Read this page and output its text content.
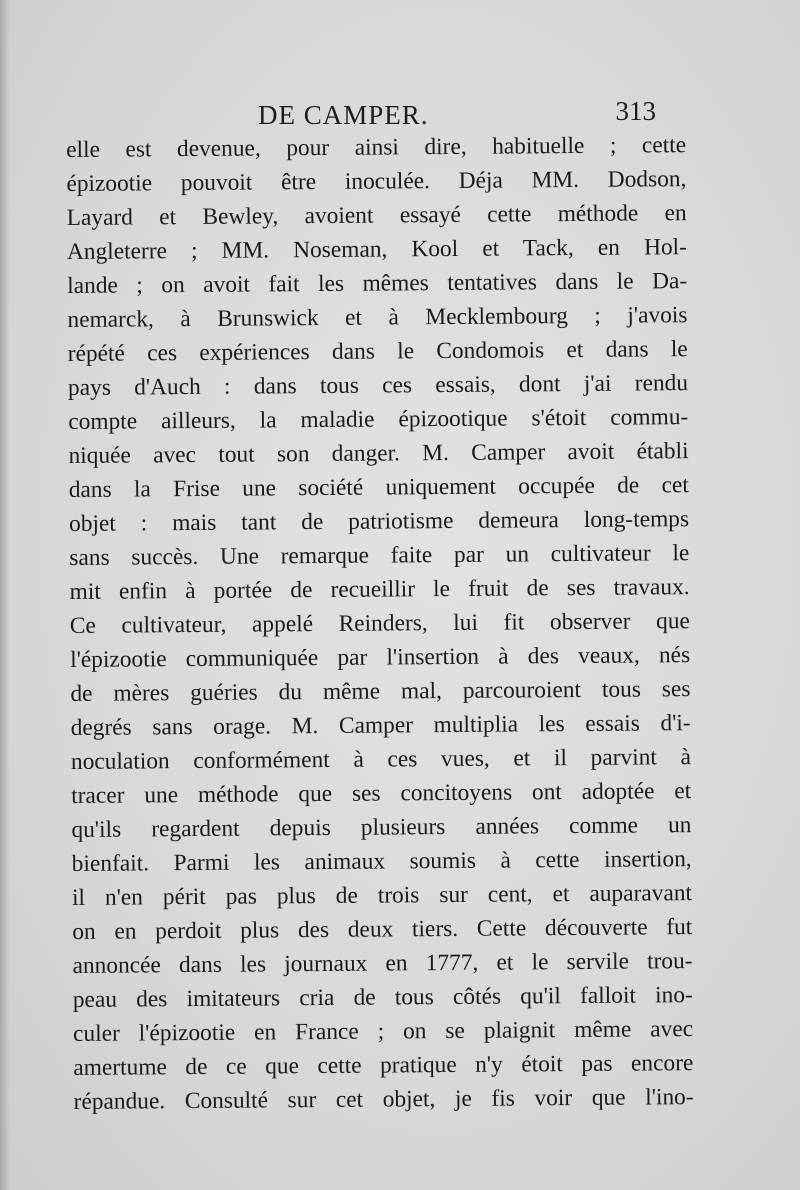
DE CAMPER.	313
elle est devenue, pour ainsi dire, habituelle ; cette
épizootie pouvoit être inoculée. Déja MM. Dodson,
Layard et Bewley, avoient essayé cette méthode en
Angleterre ; MM. Noseman, Kool et Tack, en Hol-
lande ; on avoit fait les mêmes tentatives dans le Da-
nemarck, à Brunswick et à Mecklembourg ; j'avois
répété ces expériences dans le Condomois et dans le
pays d'Auch : dans tous ces essais, dont j'ai rendu
compte ailleurs, la maladie épizootique s'étoit commu-
niquée avec tout son danger. M. Camper avoit établi
dans la Frise une société uniquement occupée de cet
objet : mais tant de patriotisme demeura long-temps
sans succès. Une remarque faite par un cultivateur le
mit enfin à portée de recueillir le fruit de ses travaux.
Ce cultivateur, appelé Reinders, lui fit observer que
l'épizootie communiquée par l'insertion à des veaux, nés
de mères guéries du même mal, parcouroient tous ses
degrés sans orage. M. Camper multiplia les essais d'i-
noculation conformément à ces vues, et il parvint à
tracer une méthode que ses concitoyens ont adoptée et
qu'ils regardent depuis plusieurs années comme un
bienfait. Parmi les animaux soumis à cette insertion,
il n'en périt pas plus de trois sur cent, et auparavant
on en perdoit plus des deux tiers. Cette découverte fut
annoncée dans les journaux en 1777, et le servile trou-
peau des imitateurs cria de tous côtés qu'il falloit ino-
culer l'épizootie en France ; on se plaignit même avec
amertume de ce que cette pratique n'y étoit pas encore
répandue. Consulté sur cet objet, je fis voir que l'ino-
